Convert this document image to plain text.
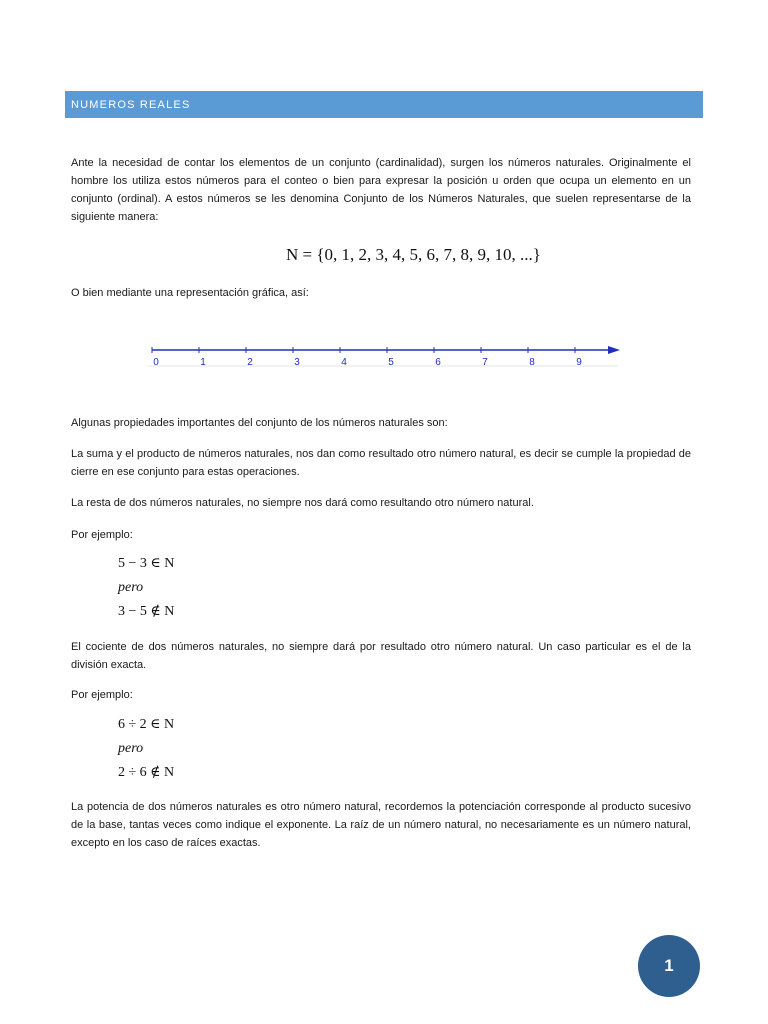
NUMEROS REALES

Ante la necesidad de contar los elementos de un conjunto (cardinalidad), surgen los números naturales. Originalmente el hombre los utiliza estos números para el conteo o bien para expresar la posición u orden que ocupa un elemento en un conjunto (ordinal). A estos números se les denomina Conjunto de los Números Naturales, que suelen representarse de la siguiente manera:

N = {0, 1, 2, 3, 4, 5, 6, 7, 8, 9, 10, ...}

O bien mediante una representación gráfica, así:

0	1	2	3	4	5	6	7	8	9

Algunas propiedades importantes del conjunto de los números naturales son:

La suma y el producto de números naturales, nos dan como resultado otro número natural, es decir se cumple la propiedad de cierre en ese conjunto para estas operaciones.

La resta de dos números naturales, no siempre nos dará como resultando otro número natural.

Por ejemplo:

5 − 3 ∈ N
pero
3 − 5 ∉ N

El cociente de dos números naturales, no siempre dará por resultado otro número natural. Un caso particular es el de la división exacta.

Por ejemplo:

6 ÷ 2 ∈ N
pero
2 ÷ 6 ∉ N

La potencia de dos números naturales es otro número natural, recordemos la potenciación corresponde al producto sucesivo de la base, tantas veces como indique el exponente. La raíz de un número natural, no necesariamente es un número natural, excepto en los caso de raíces exactas.

1
